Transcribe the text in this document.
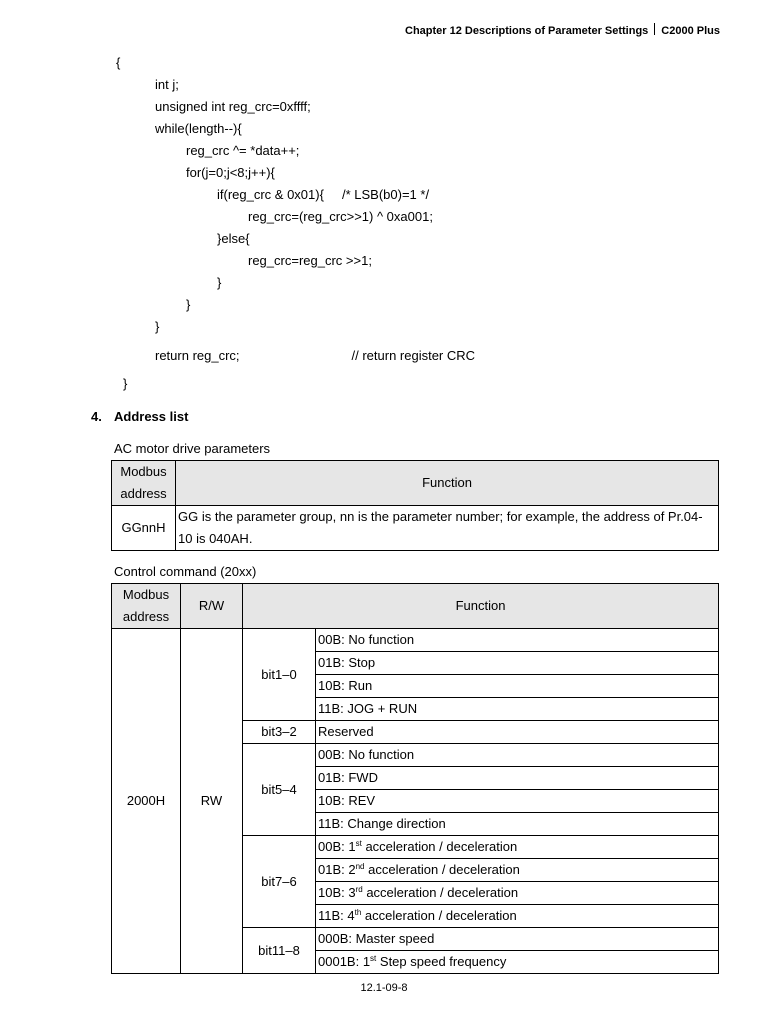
Chapter 12 Descriptions of Parameter Settings C2000 Plus
{
int j;
unsigned int reg_crc=0xffff;
while(length--){
reg_crc ^= *data++;
for(j=0;j<8;j++){
if(reg_crc & 0x01){     /* LSB(b0)=1 */
reg_crc=(reg_crc>>1) ^ 0xa001;
}else{
reg_crc=reg_crc >>1;
}
}
}
return reg_crc;                               // return register CRC
}
4. Address list
AC motor drive parameters
Modbus
address	Function
GGnnH	GG is the parameter group, nn is the parameter number; for example, the address of Pr.04-10 is 040AH.
Control command (20xx)
Modbus
address	R/W	Function	
2000H	RW	bit1–0	00B: No function
			01B: Stop
			10B: Run
			11B: JOG + RUN
		bit3–2	Reserved
		bit5–4	00B: No function
			01B: FWD
			10B: REV
			11B: Change direction
		bit7–6	00B: 1st acceleration / deceleration
			01B: 2nd acceleration / deceleration
			10B: 3rd acceleration / deceleration
			11B: 4th acceleration / deceleration
		bit11–8	000B: Master speed
			0001B: 1st Step speed frequency
12.1-09-8
